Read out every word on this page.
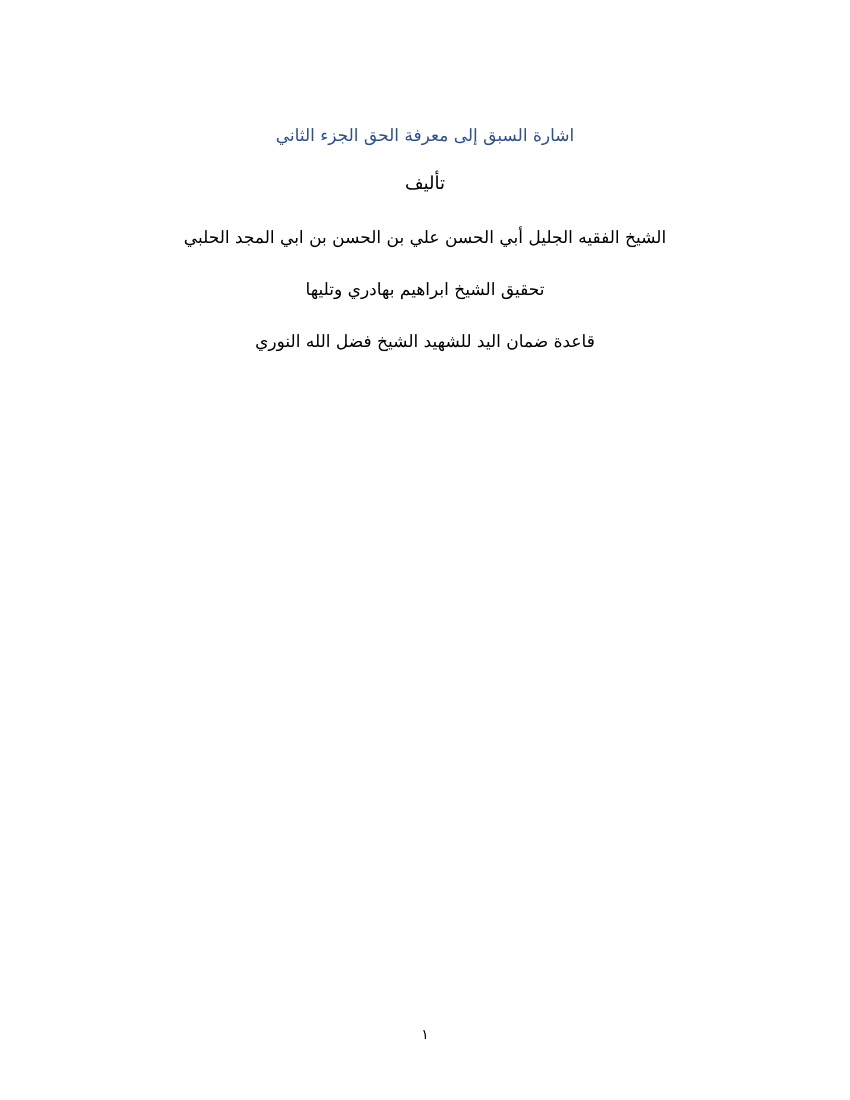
اشارة السبق إلى معرفة الحق الجزء الثاني
تأليف
الشيخ الفقيه الجليل أبي الحسن علي بن الحسن بن ابي المجد الحلبي
تحقيق الشيخ ابراهيم بهادري وتليها
قاعدة ضمان اليد للشهيد الشيخ فضل الله النوري
١
